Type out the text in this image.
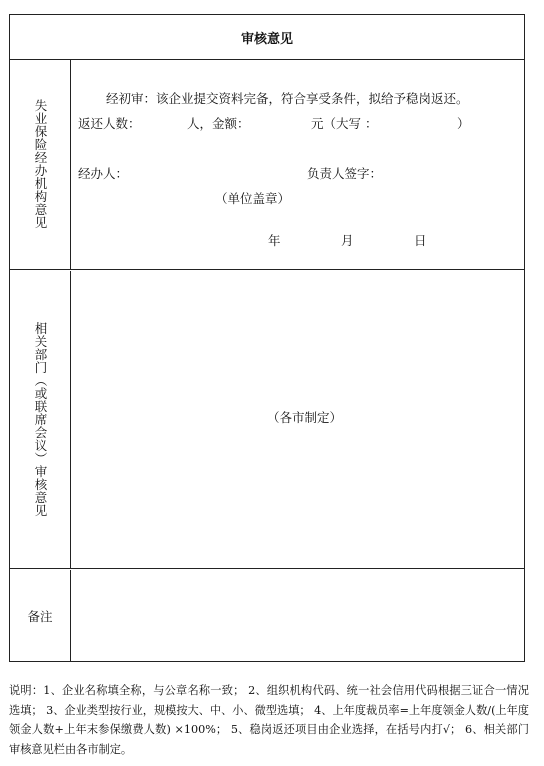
审核意见
失业保险经办机构意见
经初审：该企业提交资料完备，符合享受条件，拟给予稳岗返还。
返还人数：	人， 金额：	元（大写 ：	）
经办人：	负责人签字：
（单位盖章）
年	月	日
相关部门（或联席会议）审核意见	（各市制定）
备注
说明：1、企业名称填全称，与公章名称一致； 2、组织机构代码、统一社会信用代码根据三证合一情况选填； 3、企业类型按行业，规模按大、中、小、微型选填； 4、上年度裁员率=上年度领金人数/(上年度领金人数+上年末参保缴费人数) ×100%； 5、稳岗返还项目由企业选择，在括号内打√； 6、相关部门审核意见栏由各市制定。
